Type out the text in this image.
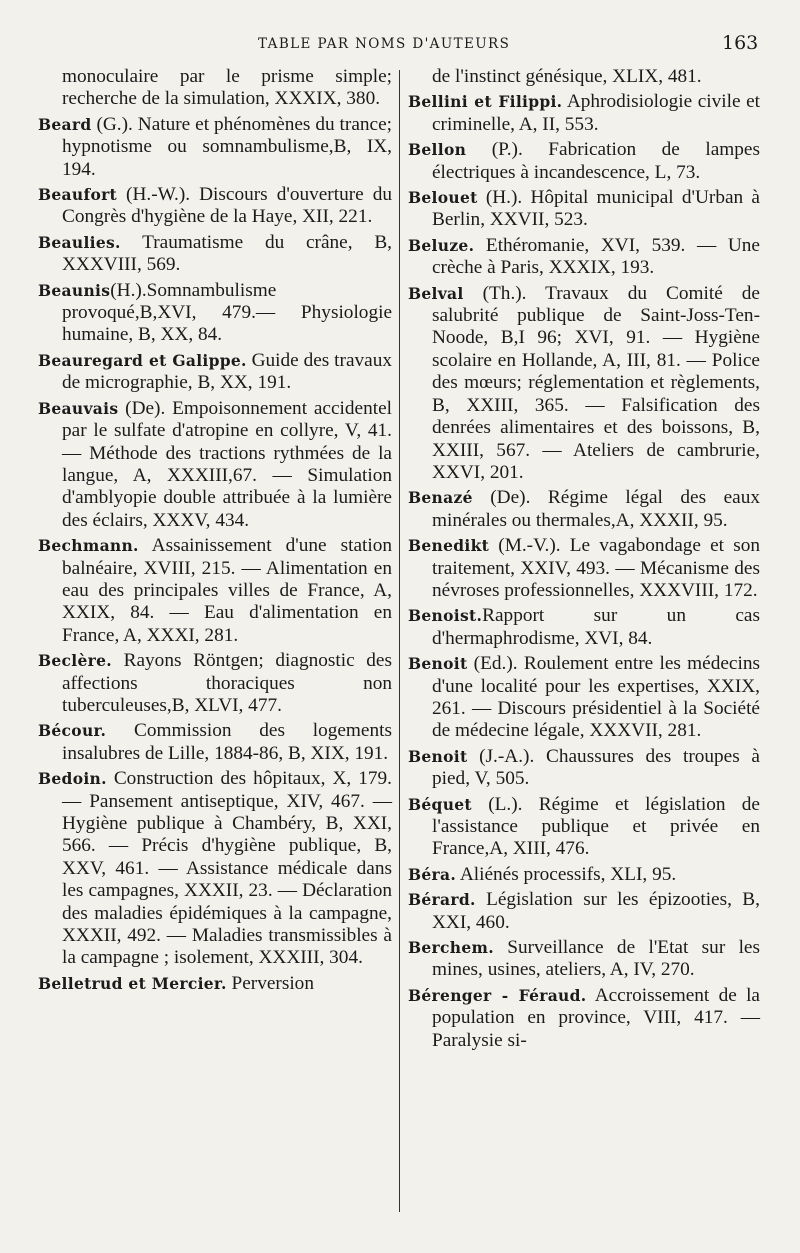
TABLE PAR NOMS D'AUTEURS	163
monoculaire par le prisme simple; recherche de la simulation, XXXIX, 380.
Beard (G.). Nature et phénomènes du trance; hypnotisme ou somnambulisme,B, IX, 194.
Beaufort (H.-W.). Discours d'ouverture du Congrès d'hygiène de la Haye, XII, 221.
Beaulies. Traumatisme du crâne, B, XXXVIII, 569.
Beaunis(H.).Somnambulisme provoqué,B,XVI, 479.— Physiologie humaine, B, XX, 84.
Beauregard et Galippe. Guide des travaux de micrographie, B, XX, 191.
Beauvais (De). Empoisonnement accidentel par le sulfate d'atropine en collyre, V, 41. — Méthode des tractions rythmées de la langue, A, XXXIII,67. — Simulation d'amblyopie double attribuée à la lumière des éclairs, XXXV, 434.
Bechmann. Assainissement d'une station balnéaire, XVIII, 215. — Alimentation en eau des principales villes de France, A, XXIX, 84. — Eau d'alimentation en France, A, XXXI, 281.
Beclère. Rayons Röntgen; diagnostic des affections thoraciques non tuberculeuses,B, XLVI, 477.
Bécour. Commission des logements insalubres de Lille, 1884-86, B, XIX, 191.
Bedoin. Construction des hôpitaux, X, 179. — Pansement antiseptique, XIV, 467. — Hygiène publique à Chambéry, B, XXI, 566. — Précis d'hygiène publique, B, XXV, 461. — Assistance médicale dans les campagnes, XXXII, 23. — Déclaration des maladies épidémiques à la campagne, XXXII, 492. — Maladies transmissibles à la campagne ; isolement, XXXIII, 304.
Belletrud et Mercier. Perversion
de l'instinct génésique, XLIX, 481.
Bellini et Filippi. Aphrodisiologie civile et criminelle, A, II, 553.
Bellon (P.). Fabrication de lampes électriques à incandescence, L, 73.
Belouet (H.). Hôpital municipal d'Urban à Berlin, XXVII, 523.
Beluze. Ethéromanie, XVI, 539. — Une crèche à Paris, XXXIX, 193.
Belval (Th.). Travaux du Comité de salubrité publique de Saint-Joss-Ten-Noode, B,I 96; XVI, 91. — Hygiène scolaire en Hollande, A, III, 81. — Police des mœurs; réglementation et règlements, B, XXIII, 365. — Falsification des denrées alimentaires et des boissons, B, XXIII, 567. — Ateliers de cambrurie, XXVI, 201.
Benazé (De). Régime légal des eaux minérales ou thermales,A, XXXII, 95.
Benedikt (M.-V.). Le vagabondage et son traitement, XXIV, 493. — Mécanisme des névroses professionnelles, XXXVIII, 172.
Benoist.Rapport sur un cas d'hermaphrodisme, XVI, 84.
Benoit (Ed.). Roulement entre les médecins d'une localité pour les expertises, XXIX, 261. — Discours présidentiel à la Société de médecine légale, XXXVII, 281.
Benoit (J.-A.). Chaussures des troupes à pied, V, 505.
Béquet (L.). Régime et législation de l'assistance publique et privée en France,A, XIII, 476.
Béra. Aliénés processifs, XLI, 95.
Bérard. Législation sur les épizooties, B, XXI, 460.
Berchem. Surveillance de l'Etat sur les mines, usines, ateliers, A, IV, 270.
Bérenger - Féraud. Accroissement de la population en province, VIII, 417. — Paralysie si-
